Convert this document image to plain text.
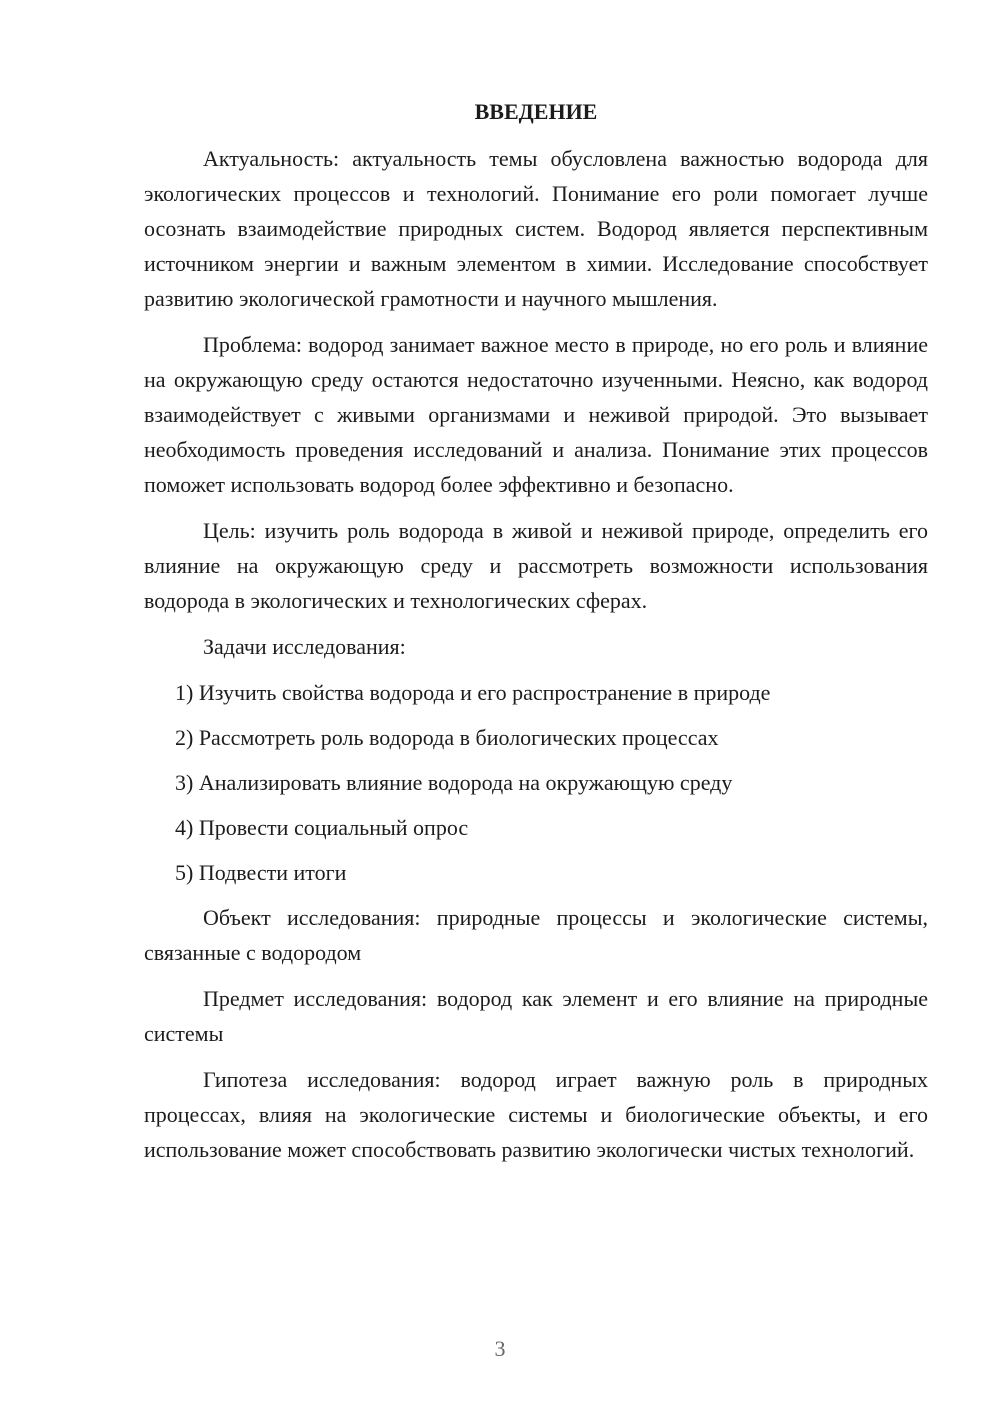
ВВЕДЕНИЕ

Актуальность: актуальность темы обусловлена важностью водорода для экологических процессов и технологий. Понимание его роли помогает лучше осознать взаимодействие природных систем. Водород является перспективным источником энергии и важным элементом в химии. Исследование способствует развитию экологической грамотности и научного мышления.

Проблема: водород занимает важное место в природе, но его роль и влияние на окружающую среду остаются недостаточно изученными. Неясно, как водород взаимодействует с живыми организмами и неживой природой. Это вызывает необходимость проведения исследований и анализа. Понимание этих процессов поможет использовать водород более эффективно и безопасно.

Цель: изучить роль водорода в живой и неживой природе, определить его влияние на окружающую среду и рассмотреть возможности использования водорода в экологических и технологических сферах.

Задачи исследования:
1) Изучить свойства водорода и его распространение в природе
2) Рассмотреть роль водорода в биологических процессах
3) Анализировать влияние водорода на окружающую среду
4) Провести социальный опрос
5) Подвести итоги

Объект исследования: природные процессы и экологические системы, связанные с водородом

Предмет исследования: водород как элемент и его влияние на природные системы

Гипотеза исследования: водород играет важную роль в природных процессах, влияя на экологические системы и биологические объекты, и его использование может способствовать развитию экологически чистых технологий.

3
